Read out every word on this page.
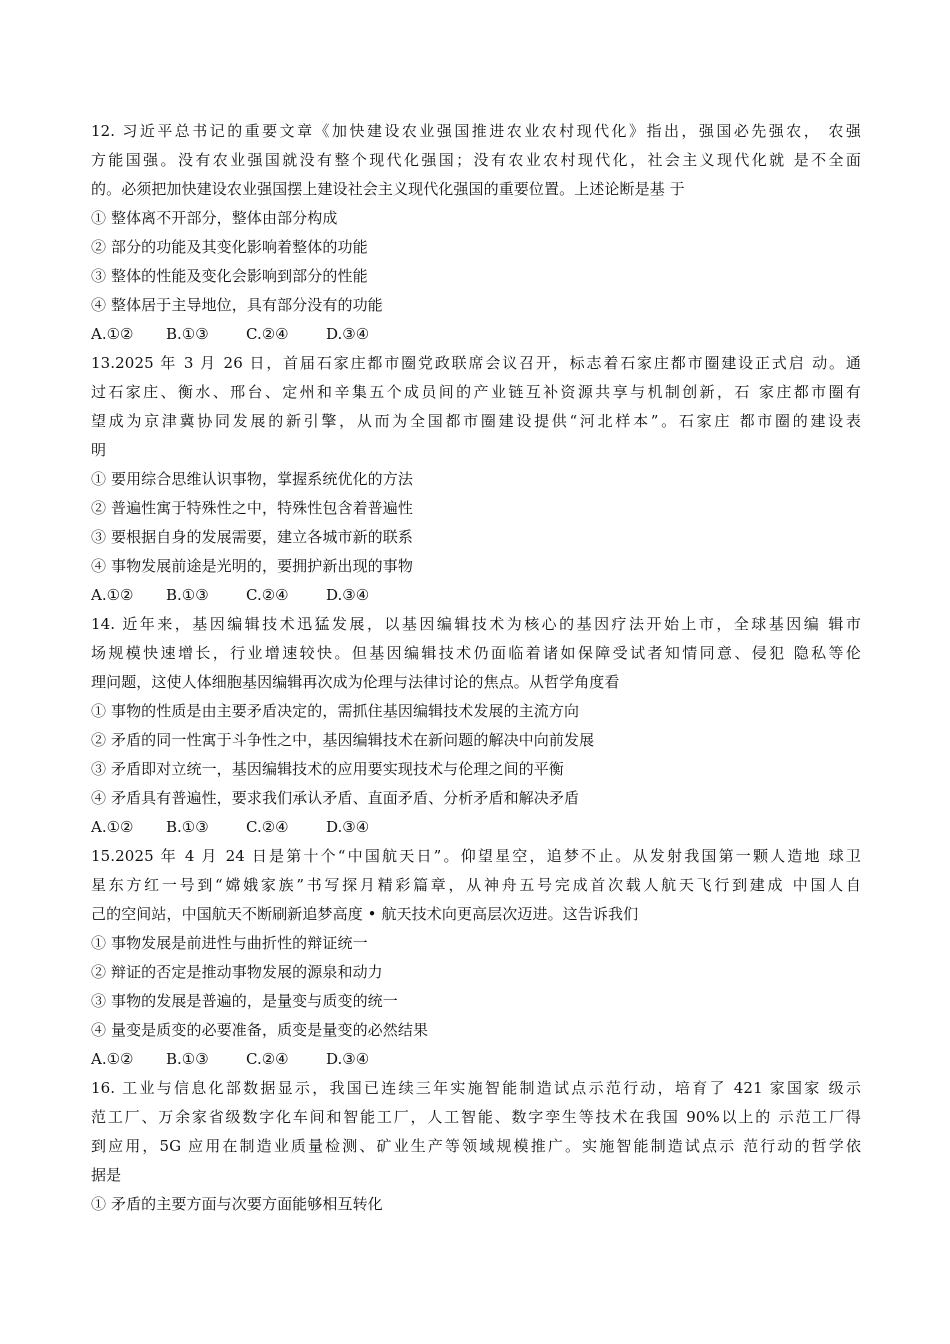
12. 习近平总书记的重要文章《加快建设农业强国推进农业农村现代化》指出，强国必先强农， 农强
方能国强。没有农业强国就没有整个现代化强国；没有农业农村现代化，社会主义现代化就 是不全面
的。必须把加快建设农业强国摆上建设社会主义现代化强国的重要位置。上述论断是基 于
① 整体离不开部分，整体由部分构成
② 部分的功能及其变化影响着整体的功能
③ 整体的性能及变化会影响到部分的性能
④ 整体居于主导地位，具有部分没有的功能
A.①② B.①③ C.②④ D.③④
13.2025 年 3 月 26 日，首届石家庄都市圈党政联席会议召开，标志着石家庄都市圈建设正式启 动。通
过石家庄、衡水、邢台、定州和辛集五个成员间的产业链互补资源共享与机制创新，石 家庄都市圈有
望成为京津冀协同发展的新引擎，从而为全国都市圈建设提供“河北样本”。石家庄 都市圈的建设表
明
① 要用综合思维认识事物，掌握系统优化的方法
② 普遍性寓于特殊性之中，特殊性包含着普遍性
③ 要根据自身的发展需要，建立各城市新的联系
④ 事物发展前途是光明的，要拥护新出现的事物
A.①② B.①③ C.②④ D.③④
14. 近年来，基因编辑技术迅猛发展，以基因编辑技术为核心的基因疗法开始上市，全球基因编 辑市
场规模快速增长，行业增速较快。但基因编辑技术仍面临着诸如保障受试者知情同意、侵犯 隐私等伦
理问题，这使人体细胞基因编辑再次成为伦理与法律讨论的焦点。从哲学角度看
① 事物的性质是由主要矛盾决定的，需抓住基因编辑技术发展的主流方向
② 矛盾的同一性寓于斗争性之中，基因编辑技术在新问题的解决中向前发展
③ 矛盾即对立统一，基因编辑技术的应用要实现技术与伦理之间的平衡
④ 矛盾具有普遍性，要求我们承认矛盾、直面矛盾、分析矛盾和解决矛盾
A.①② B.①③ C.②④ D.③④
15.2025 年 4 月 24 日是第十个“中国航天日”。仰望星空，追梦不止。从发射我国第一颗人造地 球卫
星东方红一号到“嫦娥家族”书写探月精彩篇章，从神舟五号完成首次载人航天飞行到建成 中国人自
己的空间站，中国航天不断刷新追梦高度 • 航天技术向更高层次迈进。这告诉我们
① 事物发展是前进性与曲折性的辩证统一
② 辩证的否定是推动事物发展的源泉和动力
③ 事物的发展是普遍的，是量变与质变的统一
④ 量变是质变的必要准备，质变是量变的必然结果
A.①② B.①③ C.②④ D.③④
16. 工业与信息化部数据显示，我国已连续三年实施智能制造试点示范行动，培育了 421 家国家 级示
范工厂、万余家省级数字化车间和智能工厂，人工智能、数字孪生等技术在我国 90%以上的 示范工厂得
到应用，5G 应用在制造业质量检测、矿业生产等领域规模推广。实施智能制造试点示 范行动的哲学依
据是
① 矛盾的主要方面与次要方面能够相互转化
